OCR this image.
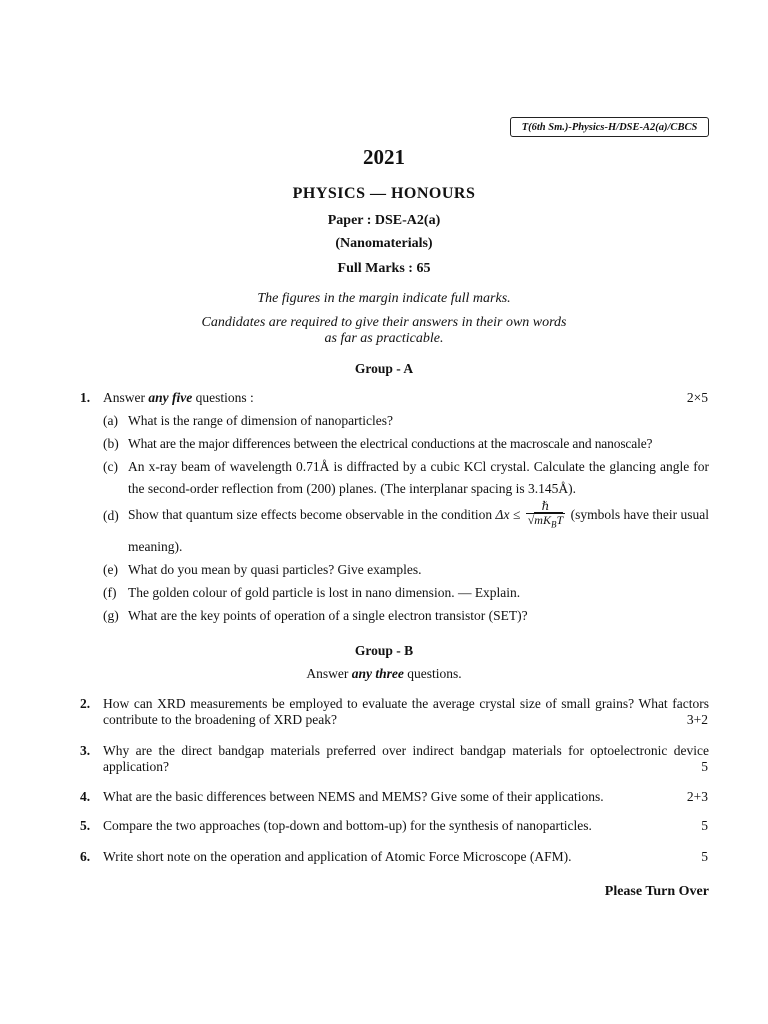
T(6th Sm.)-Physics-H/DSE-A2(a)/CBCS
2021
PHYSICS — HONOURS
Paper : DSE-A2(a)
(Nanomaterials)
Full Marks : 65
The figures in the margin indicate full marks.
Candidates are required to give their answers in their own words
as far as practicable.
Group - A
1. Answer any five questions :	2×5
(a) What is the range of dimension of nanoparticles?
(b) What are the major differences between the electrical conductions at the macroscale and nanoscale?
(c) An x-ray beam of wavelength 0.71Å is diffracted by a cubic KCl crystal. Calculate the glancing angle for the second-order reflection from (200) planes. (The interplanar spacing is 3.145Å).
(d) Show that quantum size effects become observable in the condition $\Delta x \le \frac{\text{ℏ}}{√mK_BT}$ (symbols have their usual meaning).
(e) What do you mean by quasi particles? Give examples.
(f) The golden colour of gold particle is lost in nano dimension. — Explain.
(g) What are the key points of operation of a single electron transistor (SET)?
Group - B
Answer any three questions.
2. How can XRD measurements be employed to evaluate the average crystal size of small grains? What factors contribute to the broadening of XRD peak?	3+2
3. Why are the direct bandgap materials preferred over indirect bandgap materials for optoelectronic device application?	5
4. What are the basic differences between NEMS and MEMS? Give some of their applications.	2+3
5. Compare the two approaches (top-down and bottom-up) for the synthesis of nanoparticles.	5
6. Write short note on the operation and application of Atomic Force Microscope (AFM).	5
Please Turn Over
